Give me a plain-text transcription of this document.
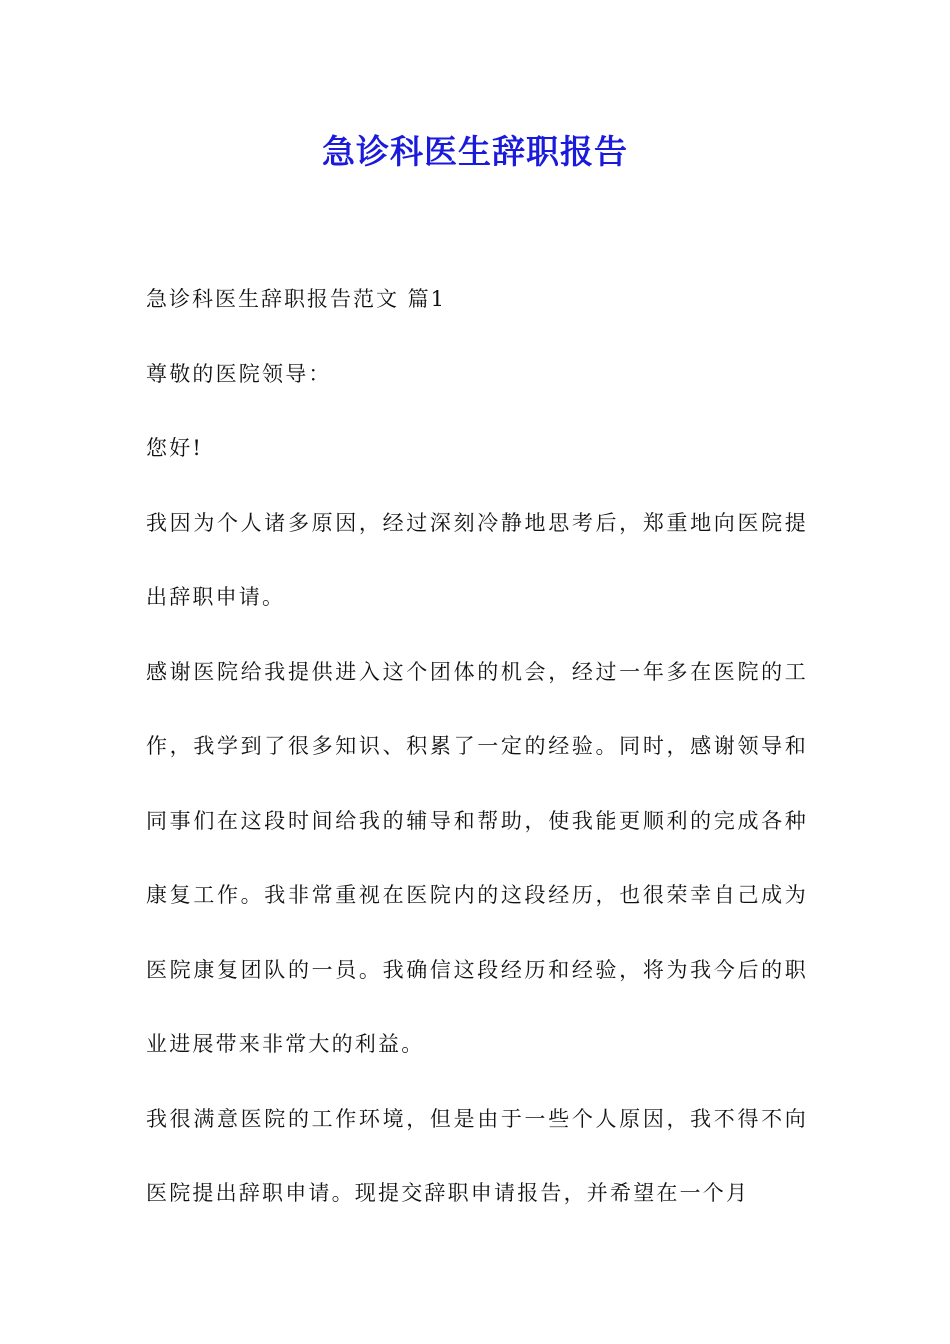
急诊科医生辞职报告

急诊科医生辞职报告范文 篇1

尊敬的医院领导：

您好!

我因为个人诸多原因，经过深刻冷静地思考后，郑重地向医院提出辞职申请。

感谢医院给我提供进入这个团体的机会，经过一年多在医院的工作，我学到了很多知识、积累了一定的经验。同时，感谢领导和同事们在这段时间给我的辅导和帮助，使我能更顺利的完成各种康复工作。我非常重视在医院内的这段经历，也很荣幸自己成为医院康复团队的一员。我确信这段经历和经验，将为我今后的职业进展带来非常大的利益。

我很满意医院的工作环境，但是由于一些个人原因，我不得不向医院提出辞职申请。现提交辞职申请报告，并希望在一个月
